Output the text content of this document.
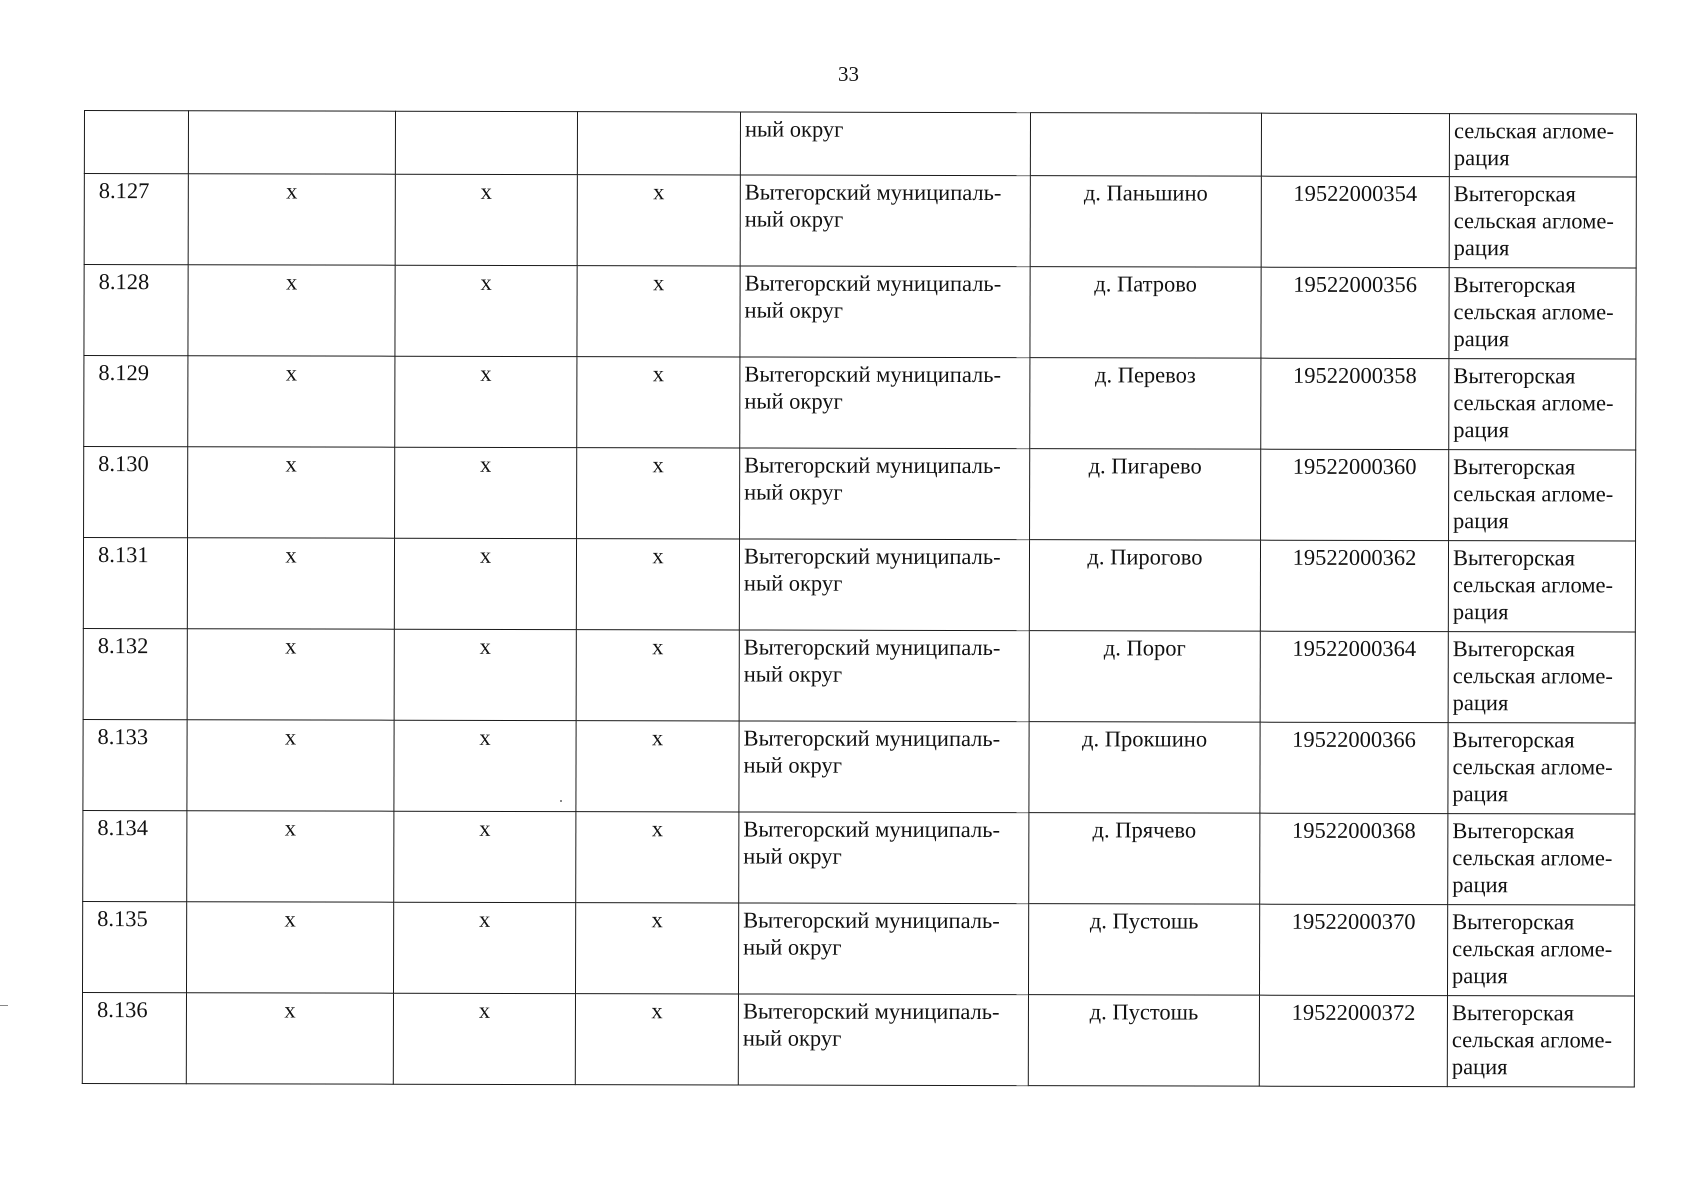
33

				ный округ			сельская агломе-
рация

8.127	х	х	х	Вытегорский муниципаль-
ный округ	д. Паньшино	19522000354	Вытегорская
сельская агломе-
рация

8.128	х	х	х	Вытегорский муниципаль-
ный округ	д. Патрово	19522000356	Вытегорская
сельская агломе-
рация

8.129	х	х	х	Вытегорский муниципаль-
ный округ	д. Перевоз	19522000358	Вытегорская
сельская агломе-
рация

8.130	х	х	х	Вытегорский муниципаль-
ный округ	д. Пигарево	19522000360	Вытегорская
сельская агломе-
рация

8.131	х	х	х	Вытегорский муниципаль-
ный округ	д. Пирогово	19522000362	Вытегорская
сельская агломе-
рация

8.132	х	х	х	Вытегорский муниципаль-
ный округ	д. Порог	19522000364	Вытегорская
сельская агломе-
рация

8.133	х	х	х	Вытегорский муниципаль-
ный округ	д. Прокшино	19522000366	Вытегорская
сельская агломе-
рация

8.134	х	х	х	Вытегорский муниципаль-
ный округ	д. Прячево	19522000368	Вытегорская
сельская агломе-
рация

8.135	х	х	х	Вытегорский муниципаль-
ный округ	д. Пустошь	19522000370	Вытегорская
сельская агломе-
рация

8.136	х	х	х	Вытегорский муниципаль-
ный округ	д. Пустошь	19522000372	Вытегорская
сельская агломе-
рация
